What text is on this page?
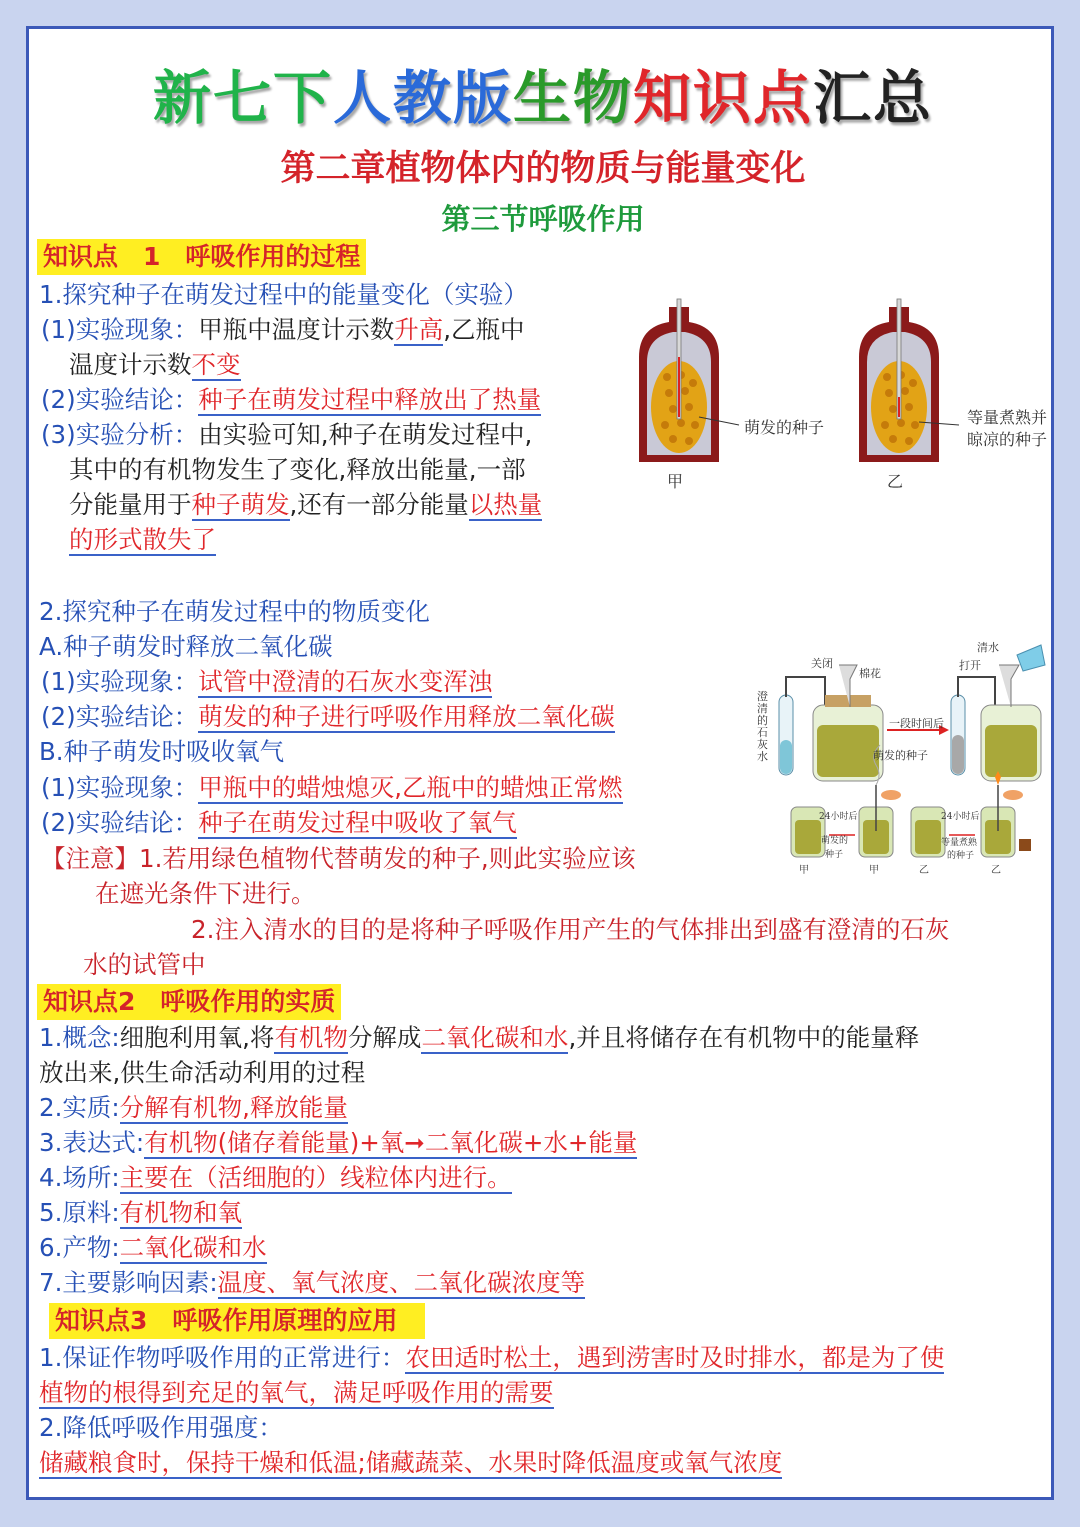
新七下人教版生物知识点汇总
第二章植物体内的物质与能量变化
第三节呼吸作用
知识点　1　呼吸作用的过程
1.探究种子在萌发过程中的能量变化（实验）
(1)实验现象：甲瓶中温度计示数升高,乙瓶中
温度计示数不变
(2)实验结论：种子在萌发过程中释放出了热量
(3)实验分析：由实验可知,种子在萌发过程中,
其中的有机物发生了变化,释放出能量,一部
分能量用于种子萌发,还有一部分能量以热量
的形式散失了
萌发的种子
甲	乙
等量煮熟并
晾凉的种子
2.探究种子在萌发过程中的物质变化
A.种子萌发时释放二氧化碳
(1)实验现象：试管中澄清的石灰水变浑浊
(2)实验结论：萌发的种子进行呼吸作用释放二氧化碳
B.种子萌发时吸收氧气
(1)实验现象：甲瓶中的蜡烛熄灭,乙瓶中的蜡烛正常燃
(2)实验结论：种子在萌发过程中吸收了氧气
【注意】1.若用绿色植物代替萌发的种子,则此实验应该
在遮光条件下进行。
2.注入清水的目的是将种子呼吸作用产生的气体排出到盛有澄清的石灰
水的试管中
澄清的石灰水
关闭
棉花
一段时间后
萌发的种子
清水
打开
24小时后	24小时后
萌发的
种子
等量煮熟
的种子
甲	甲	乙	乙
知识点2　呼吸作用的实质
1.概念:细胞利用氧,将有机物分解成二氧化碳和水,并且将储存在有机物中的能量释
放出来,供生命活动利用的过程
2.实质:分解有机物,释放能量
3.表达式:有机物(储存着能量)+氧➞二氧化碳+水+能量
4.场所:主要在（活细胞的）线粒体内进行。
5.原料:有机物和氧
6.产物:二氧化碳和水
7.主要影响因素:温度、氧气浓度、二氧化碳浓度等
知识点3　呼吸作用原理的应用
1.保证作物呼吸作用的正常进行：农田适时松土，遇到涝害时及时排水，都是为了使
植物的根得到充足的氧气，满足呼吸作用的需要
2.降低呼吸作用强度：
储藏粮食时，保持干燥和低温;储藏蔬菜、水果时降低温度或氧气浓度
